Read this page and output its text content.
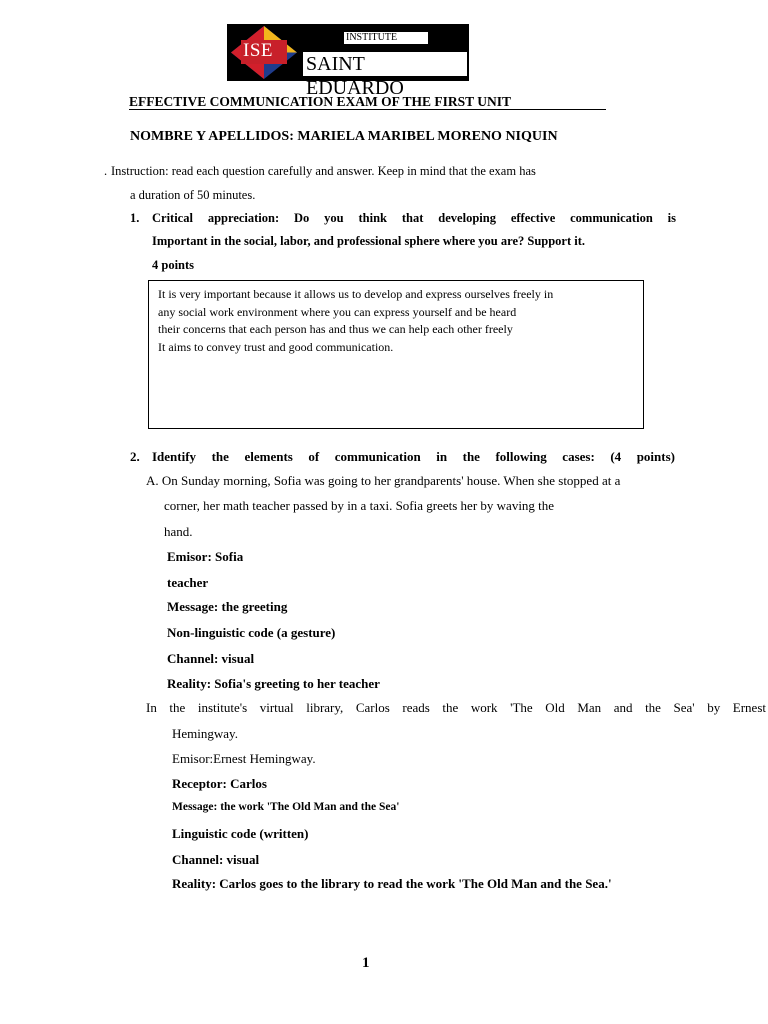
ISE
INSTITUTE
SAINT EDUARDO
EFFECTIVE COMMUNICATION EXAM OF THE FIRST UNIT
NOMBRE Y APELLIDOS: MARIELA MARIBEL MORENO NIQUIN
. Instruction: read each question carefully and answer. Keep in mind that the exam has
a duration of 50 minutes.
1. Critical appreciation: Do you think that developing effective communication is
Important in the social, labor, and professional sphere where you are? Support it.
4 points
It is very important because it allows us to develop and express ourselves freely in
any social work environment where you can express yourself and be heard
their concerns that each person has and thus we can help each other freely
It aims to convey trust and good communication.
2. Identify the elements of communication in the following cases: (4 points)
A. On Sunday morning, Sofia was going to her grandparents' house. When she stopped at a
corner, her math teacher passed by in a taxi. Sofia greets her by waving the
hand.
Emisor: Sofia
teacher
Message: the greeting
Non-linguistic code (a gesture)
Channel: visual
Reality: Sofia's greeting to her teacher
In the institute's virtual library, Carlos reads the work 'The Old Man and the Sea' by Ernest
Hemingway.
Emisor:Ernest Hemingway.
Receptor: Carlos
Message: the work 'The Old Man and the Sea'
Linguistic code (written)
Channel: visual
Reality: Carlos goes to the library to read the work 'The Old Man and the Sea.'
1
